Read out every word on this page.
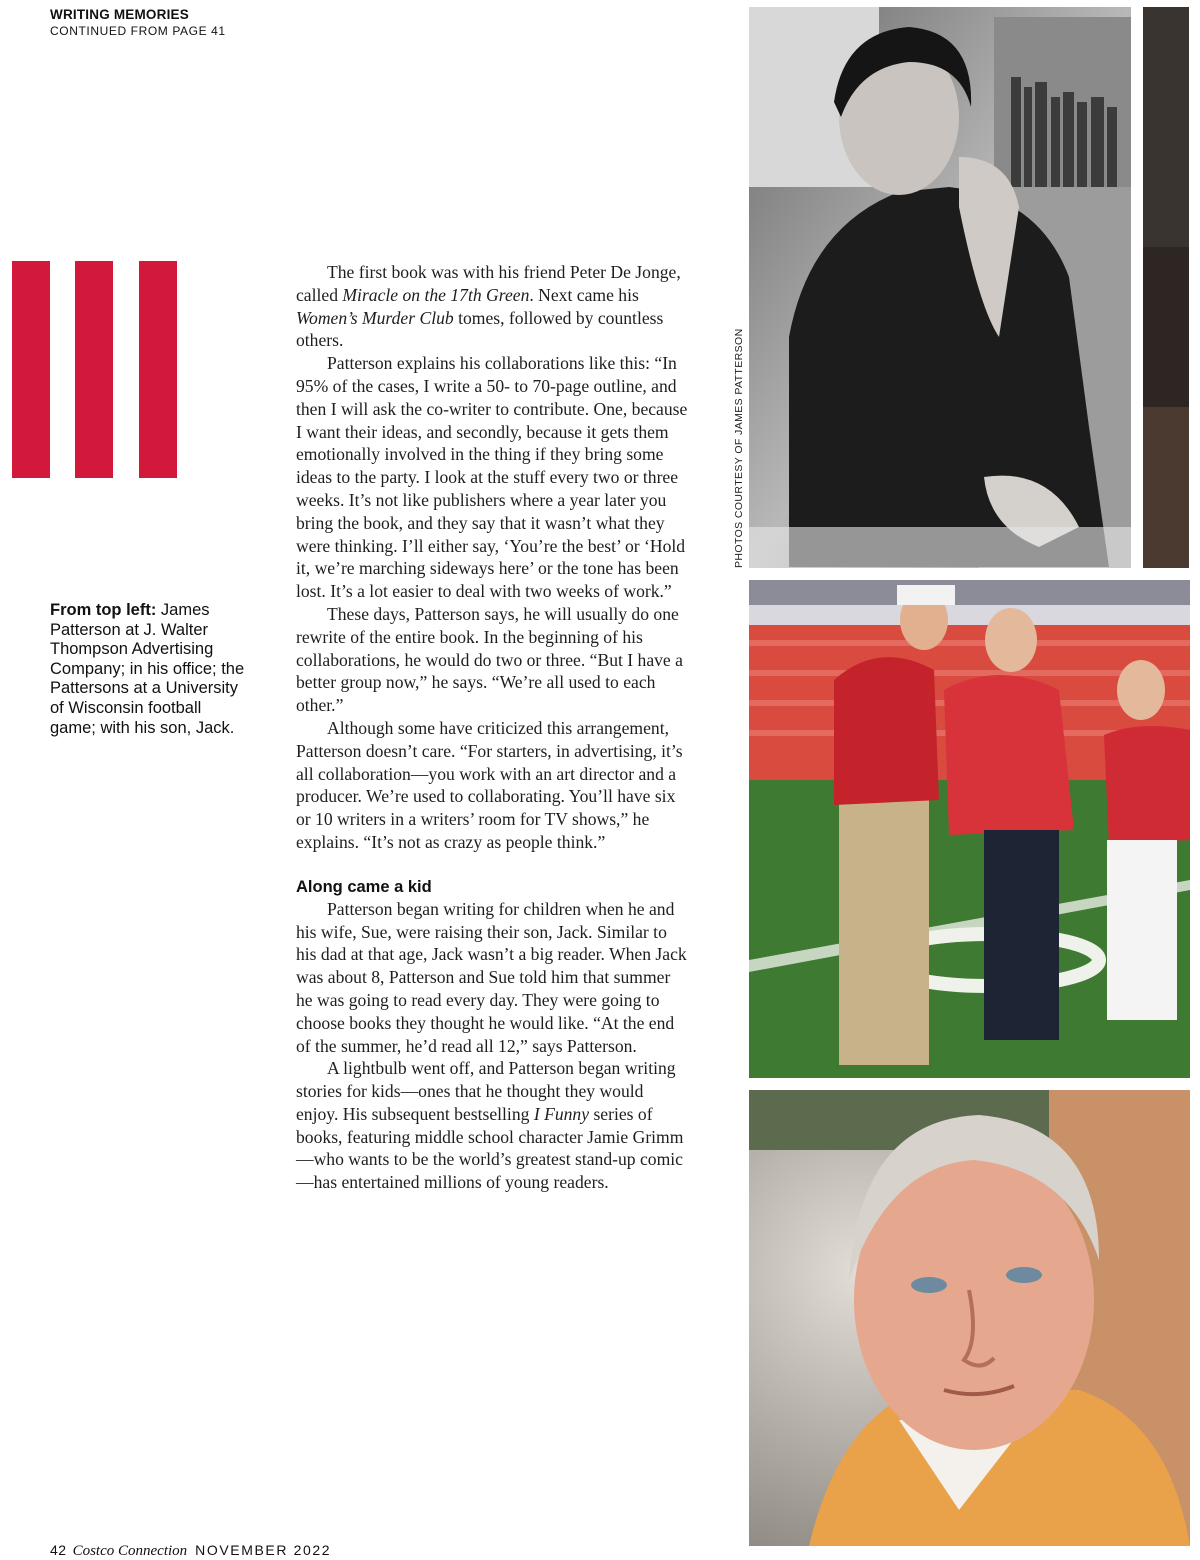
WRITING MEMORIES
CONTINUED FROM PAGE 41
From top left: James Patterson at J. Walter Thompson Advertising Company; in his office; the Pattersons at a University of Wisconsin football game; with his son, Jack.

The first book was with his friend Peter De Jonge, called Miracle on the 17th Green. Next came his Women’s Murder Club tomes, followed by countless others.

Patterson explains his collaborations like this: “In 95% of the cases, I write a 50- to 70-page outline, and then I will ask the co-writer to contribute. One, because I want their ideas, and secondly, because it gets them emotionally involved in the thing if they bring some ideas to the party. I look at the stuff every two or three weeks. It’s not like publishers where a year later you bring the book, and they say that it wasn’t what they were thinking. I’ll either say, ‘You’re the best’ or ‘Hold it, we’re marching sideways here’ or the tone has been lost. It’s a lot easier to deal with two weeks of work.”

These days, Patterson says, he will usually do one rewrite of the entire book. In the beginning of his collaborations, he would do two or three. “But I have a better group now,” he says. “We’re all used to each other.”

Although some have criticized this arrangement, Patterson doesn’t care. “For starters, in advertising, it’s all collaboration—you work with an art director and a producer. We’re used to collaborating. You’ll have six or 10 writers in a writers’ room for TV shows,” he explains. “It’s not as crazy as people think.”

Along came a kid

Patterson began writing for children when he and his wife, Sue, were raising their son, Jack. Similar to his dad at that age, Jack wasn’t a big reader. When Jack was about 8, Patterson and Sue told him that summer he was going to read every day. They were going to choose books they thought he would like. “At the end of the summer, he’d read all 12,” says Patterson.

A lightbulb went off, and Patterson began writing stories for kids—ones that he thought they would enjoy. His subsequent bestselling I Funny series of books, featuring middle school character Jamie Grimm—who wants to be the world’s greatest stand-up comic —has entertained millions of young readers.

PHOTOS COURTESY OF JAMES PATTERSON
42 Costco Connection NOVEMBER 2022
